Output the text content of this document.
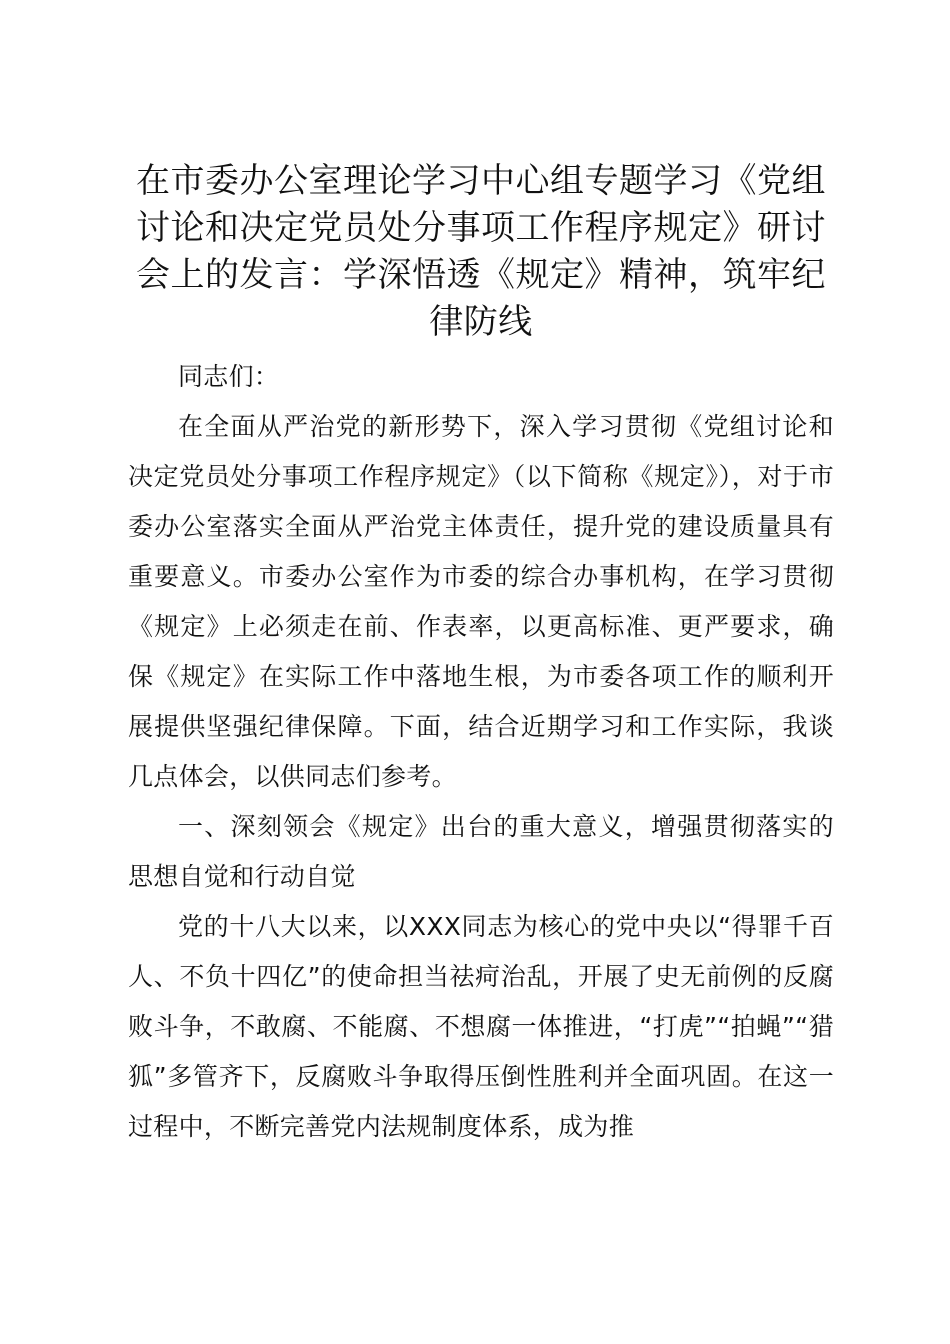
在市委办公室理论学习中心组专题学习《党组讨论和决定党员处分事项工作程序规定》研讨会上的发言：学深悟透《规定》精神，筑牢纪律防线

同志们：

在全面从严治党的新形势下，深入学习贯彻《党组讨论和决定党员处分事项工作程序规定》（以下简称《规定》），对于市委办公室落实全面从严治党主体责任，提升党的建设质量具有重要意义。市委办公室作为市委的综合办事机构，在学习贯彻《规定》上必须走在前、作表率，以更高标准、更严要求，确保《规定》在实际工作中落地生根，为市委各项工作的顺利开展提供坚强纪律保障。下面，结合近期学习和工作实际，我谈几点体会，以供同志们参考。

一、深刻领会《规定》出台的重大意义，增强贯彻落实的思想自觉和行动自觉

党的十八大以来，以XXX同志为核心的党中央以“得罪千百人、不负十四亿”的使命担当祛疴治乱，开展了史无前例的反腐败斗争，不敢腐、不能腐、不想腐一体推进，“打虎”“拍蝇”“猎狐”多管齐下，反腐败斗争取得压倒性胜利并全面巩固。在这一过程中，不断完善党内法规制度体系，成为推
